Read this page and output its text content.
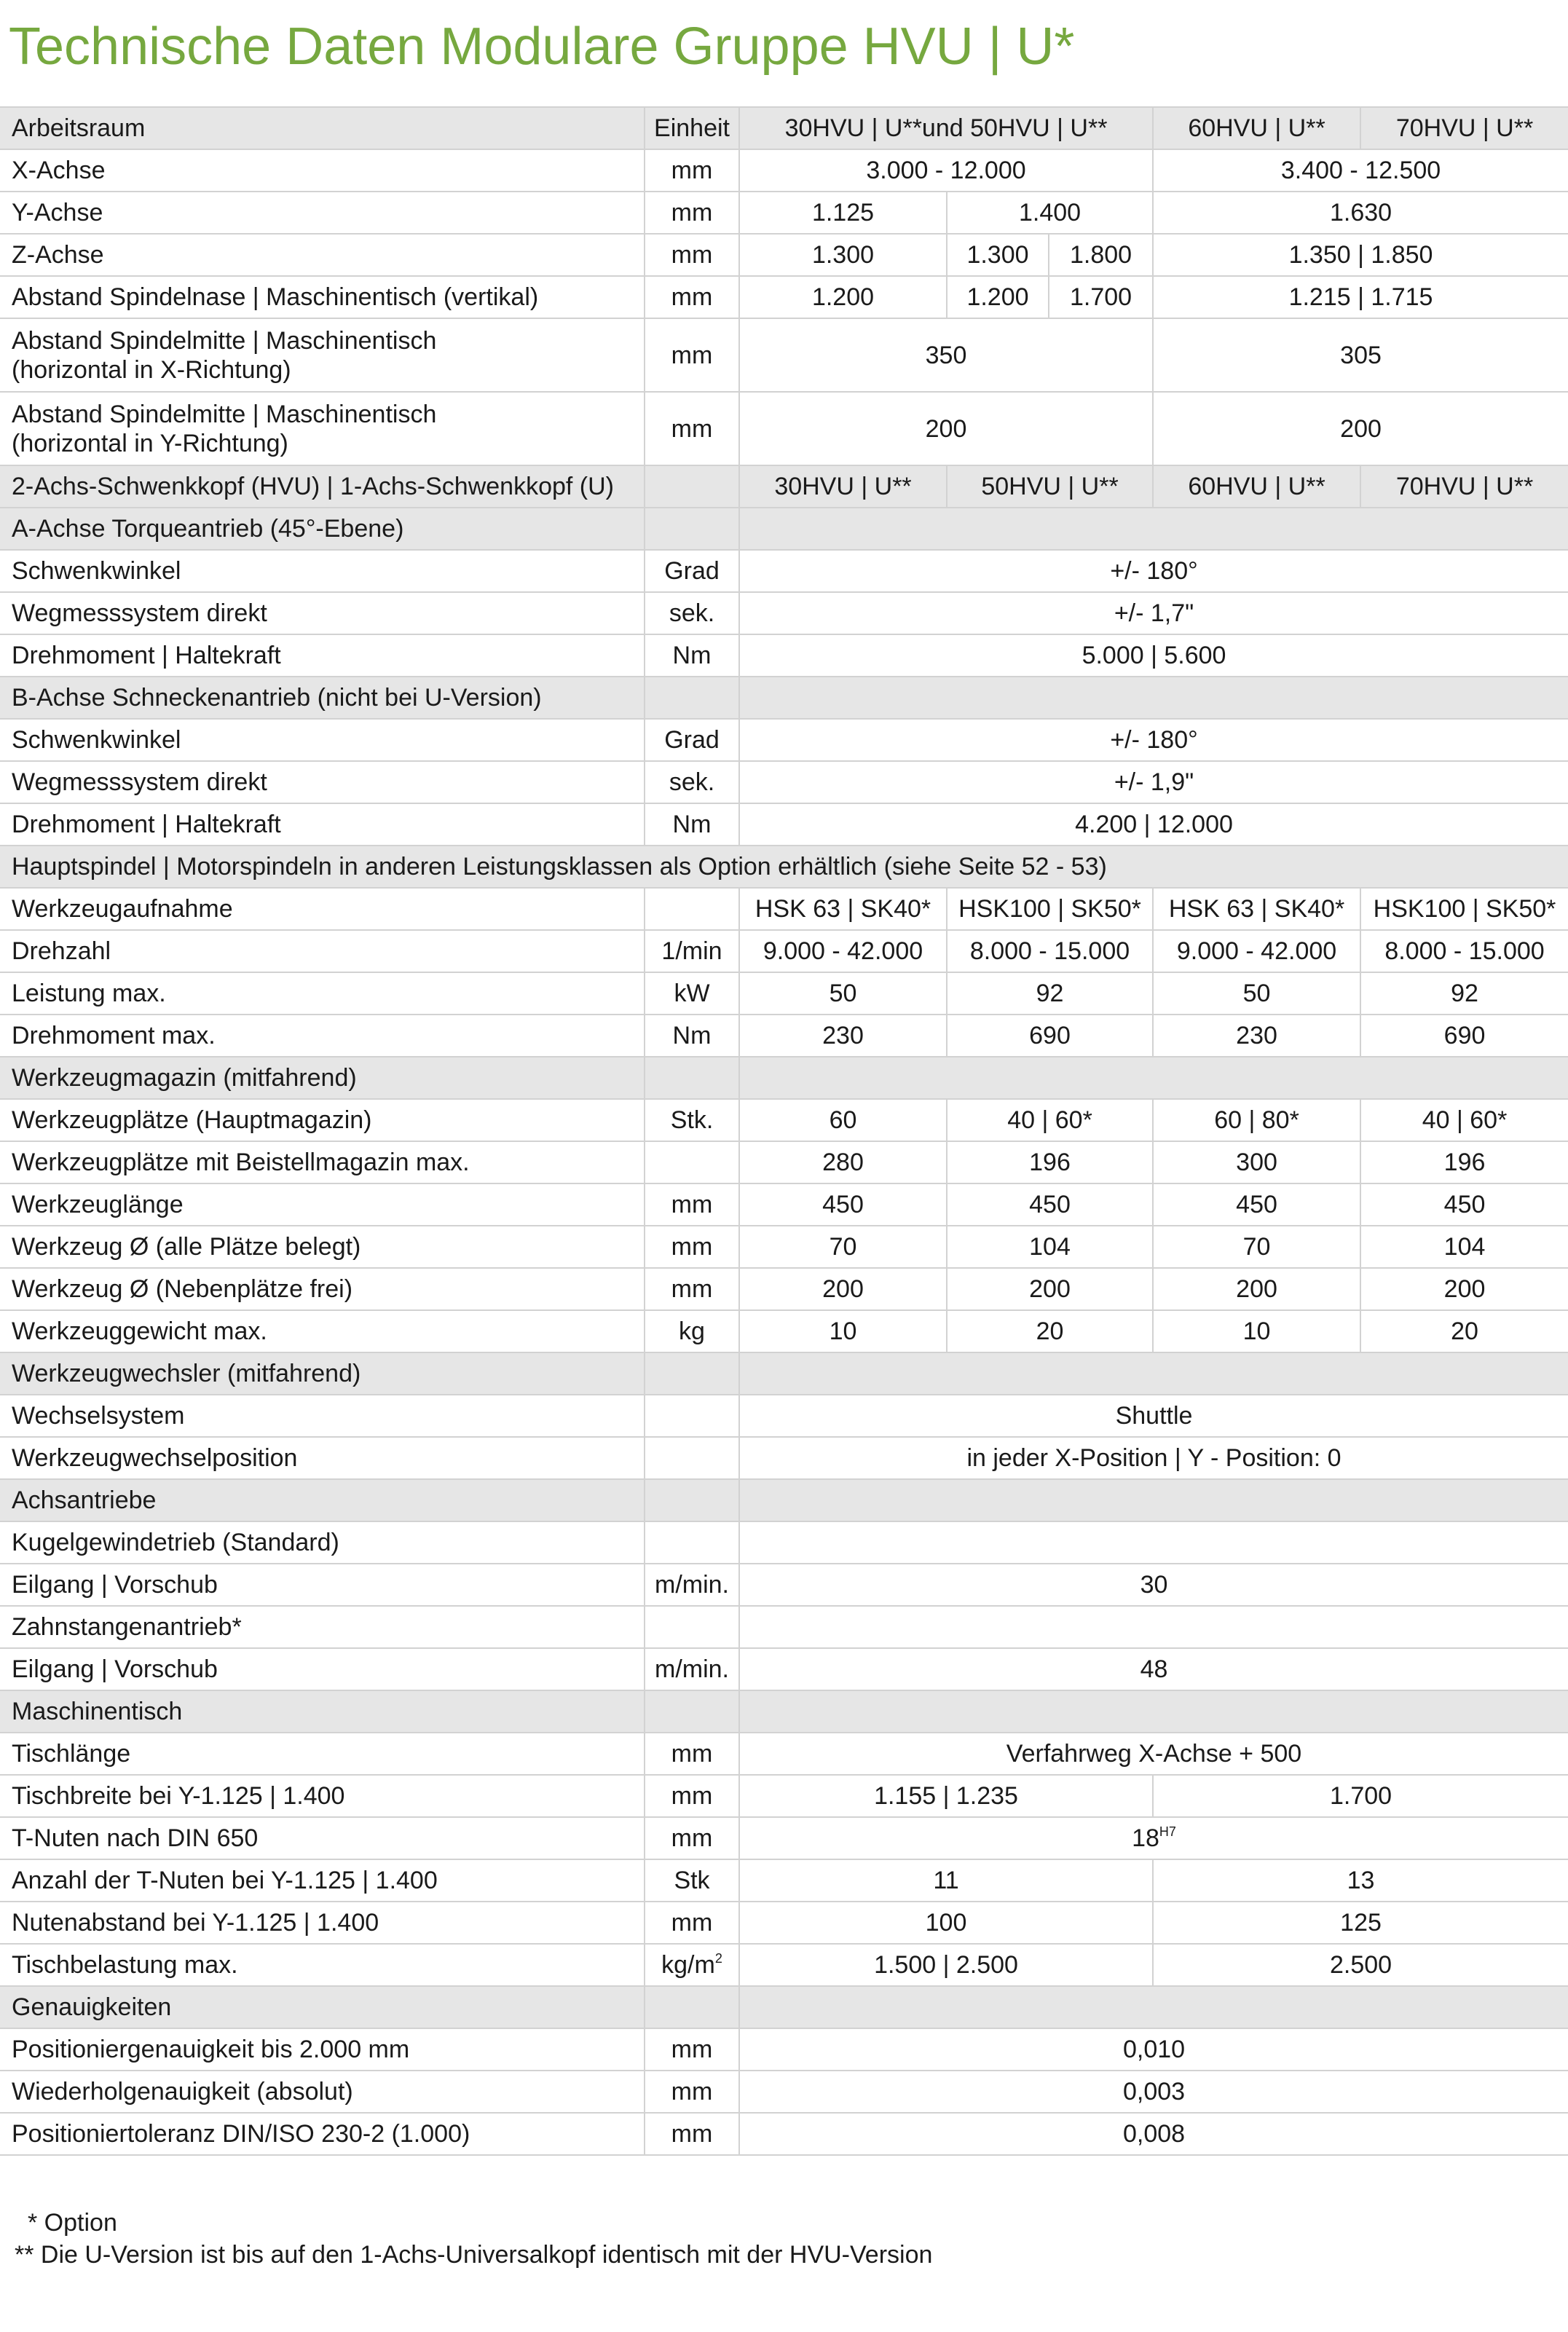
Technische Daten Modulare Gruppe HVU | U*
Arbeitsraum	Einheit	30HVU | U**und 50HVU | U**			60HVU | U**	70HVU | U**
X-Achse	mm	3.000 - 12.000			3.400 - 12.500	
Y-Achse	mm	1.125	1.400		1.630	
Z-Achse	mm	1.300	1.300	1.800	1.350 | 1.850	
Abstand Spindelnase | Maschinentisch (vertikal)	mm	1.200	1.200	1.700	1.215 | 1.715	
Abstand Spindelmitte | Maschinentisch
(horizontal in X-Richtung)	mm	350			305	
Abstand Spindelmitte | Maschinentisch
(horizontal in Y-Richtung)	mm	200			200	
2-Achs-Schwenkkopf (HVU) | 1-Achs-Schwenkkopf (U)		30HVU | U**	50HVU | U**		60HVU | U**	70HVU | U**
A-Achse Torqueantrieb (45°-Ebene)						
Schwenkwinkel	Grad	+/- 180°				
Wegmesssystem direkt	sek.	+/- 1,7"				
Drehmoment | Haltekraft	Nm	5.000 | 5.600				
B-Achse Schneckenantrieb (nicht bei U-Version)						
Schwenkwinkel	Grad	+/- 180°				
Wegmesssystem direkt	sek.	+/- 1,9"				
Drehmoment | Haltekraft	Nm	4.200 | 12.000				
Hauptspindel | Motorspindeln in anderen Leistungsklassen als Option erhältlich (siehe Seite 52 - 53)						
Werkzeugaufnahme		HSK 63 | SK40*	HSK100 | SK50*		HSK 63 | SK40*	HSK100 | SK50*
Drehzahl	1/min	9.000 - 42.000	8.000 - 15.000		9.000 - 42.000	8.000 - 15.000
Leistung max.	kW	50	92		50	92
Drehmoment max.	Nm	230	690		230	690
Werkzeugmagazin (mitfahrend)						
Werkzeugplätze (Hauptmagazin)	Stk.	60	40 | 60*		60 | 80*	40 | 60*
Werkzeugplätze mit Beistellmagazin max.		280	196		300	196
Werkzeuglänge	mm	450	450		450	450
Werkzeug Ø (alle Plätze belegt)	mm	70	104		70	104
Werkzeug Ø (Nebenplätze frei)	mm	200	200		200	200
Werkzeuggewicht max.	kg	10	20		10	20
Werkzeugwechsler (mitfahrend)						
Wechselsystem		Shuttle				
Werkzeugwechselposition		in jeder X-Position | Y - Position: 0				
Achsantriebe						
Kugelgewindetrieb (Standard)						
Eilgang | Vorschub	m/min.	30				
Zahnstangenantrieb*						
Eilgang | Vorschub	m/min.	48				
Maschinentisch						
Tischlänge	mm	Verfahrweg X-Achse + 500				
Tischbreite bei Y-1.125 | 1.400	mm	1.155 | 1.235			1.700	
T-Nuten nach DIN 650	mm	$18^{H7}$
Anzahl der T-Nuten bei Y-1.125 | 1.400	Stk	11			13	
Nutenabstand bei Y-1.125 | 1.400	mm	100			125	
Tischbelastung max.	$kg/m^2$	1.500 | 2.500			2.500	
Genauigkeiten						
Positioniergenauigkeit bis 2.000 mm	mm	0,010				
Wiederholgenauigkeit (absolut)	mm	0,003				
Positioniertoleranz DIN/ISO 230-2 (1.000)	mm	0,008				
* Option
** Die U-Version ist bis auf den 1-Achs-Universalkopf identisch mit der HVU-Version
